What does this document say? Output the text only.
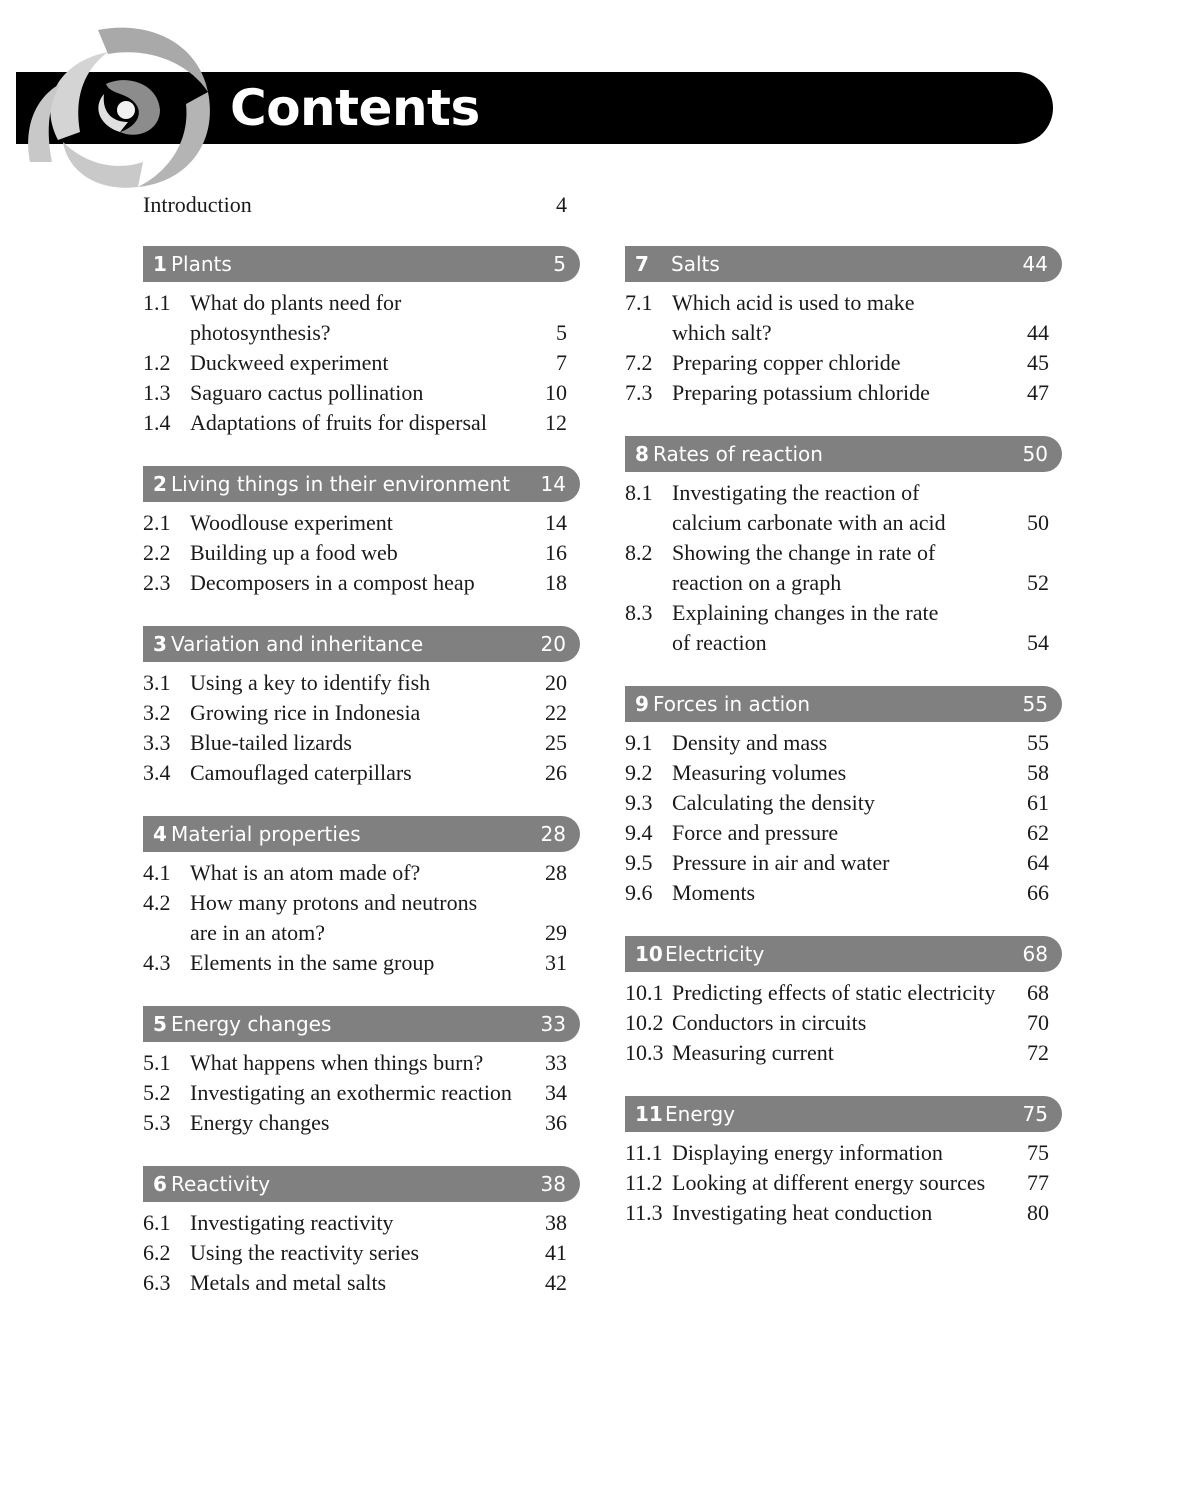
Contents
Introduction	4
1 Plants	5
1.1 What do plants need for
photosynthesis?	5
1.2 Duckweed experiment	7
1.3 Saguaro cactus pollination	10
1.4 Adaptations of fruits for dispersal	12
2 Living things in their environment 14
2.1 Woodlouse experiment	14
2.2 Building up a food web	16
2.3 Decomposers in a compost heap	18
3 Variation and inheritance	20
3.1 Using a key to identify fish	20
3.2 Growing rice in Indonesia	22
3.3 Blue-tailed lizards	25
3.4 Camouflaged caterpillars	26
4 Material properties	28
4.1 What is an atom made of?	28
4.2 How many protons and neutrons
are in an atom?	29
4.3 Elements in the same group	31
5 Energy changes	33
5.1 What happens when things burn?	33
5.2 Investigating an exothermic reaction	34
5.3 Energy changes	36
6 Reactivity	38
6.1 Investigating reactivity	38
6.2 Using the reactivity series	41
6.3 Metals and metal salts	42
7 Salts	44
7.1 Which acid is used to make
which salt?	44
7.2 Preparing copper chloride	45
7.3 Preparing potassium chloride	47
8 Rates of reaction	50
8.1 Investigating the reaction of
calcium carbonate with an acid	50
8.2 Showing the change in rate of
reaction on a graph	52
8.3 Explaining changes in the rate
of reaction	54
9 Forces in action	55
9.1 Density and mass	55
9.2 Measuring volumes	58
9.3 Calculating the density	61
9.4 Force and pressure	62
9.5 Pressure in air and water	64
9.6 Moments	66
10 Electricity	68
10.1 Predicting effects of static electricity	68
10.2 Conductors in circuits	70
10.3 Measuring current	72
11 Energy	75
11.1 Displaying energy information	75
11.2 Looking at different energy sources	77
11.3 Investigating heat conduction	80
